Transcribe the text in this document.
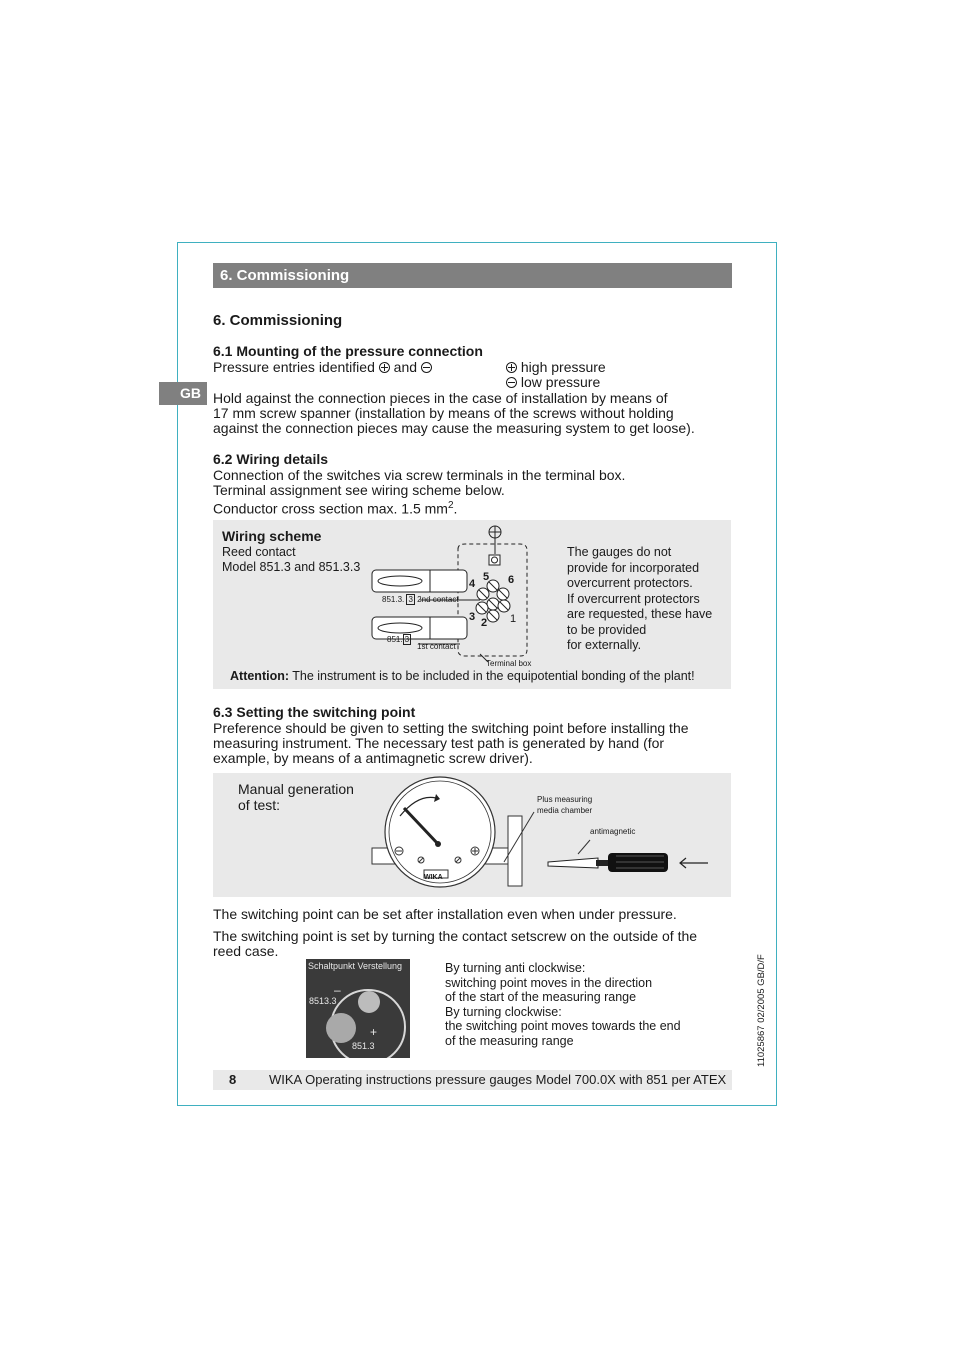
6. Commissioning
GB
6. Commissioning
6.1 Mounting of the pressure connection
Pressure entries identified and	high pressure
low pressure
Hold against the connection pieces in the case of installation by means of
17 mm screw spanner (installation by means of the screws without holding
against the connection pieces may cause the measuring system to get loose).
6.2 Wiring details
Connection of the switches via screw terminals in the terminal box.
Terminal assignment see wiring scheme below.
Conductor cross section max. 1.5 $mm^2$.
Wiring scheme
Reed contact
Model 851.3 and 851.3.3
5
4	6
3 2 1
851.3. 3 2nd contact
851. 3
1st contact
Terminal box
The gauges do not
provide for incorporated
overcurrent protectors.
If overcurrent protectors
are requested, these have
to be provided
for externally.
Attention: The instrument is to be included in the equipotential bonding of the plant!
6.3 Setting the switching point
Preference should be given to setting the switching point before installing the
measuring instrument. The necessary test path is generated by hand (for
example, by means of a antimagnetic screw driver).
Manual generation
of test:
WIKA
Plus measuring
media chamber
antimagnetic
The switching point can be set after installation even when under pressure.
The switching point is set by turning the contact setscrew on the outside of the
reed case.
Schaltpunkt Verstellung
8513.3
851.3
–
+
By turning anti clockwise:
switching point moves in the direction
of the start of the measuring range
By turning clockwise:
the switching point moves towards the end
of the measuring range
8	WIKA Operating instructions pressure gauges Model 700.0X with 851 per ATEX
11025867 02/2005 GB/D/F
